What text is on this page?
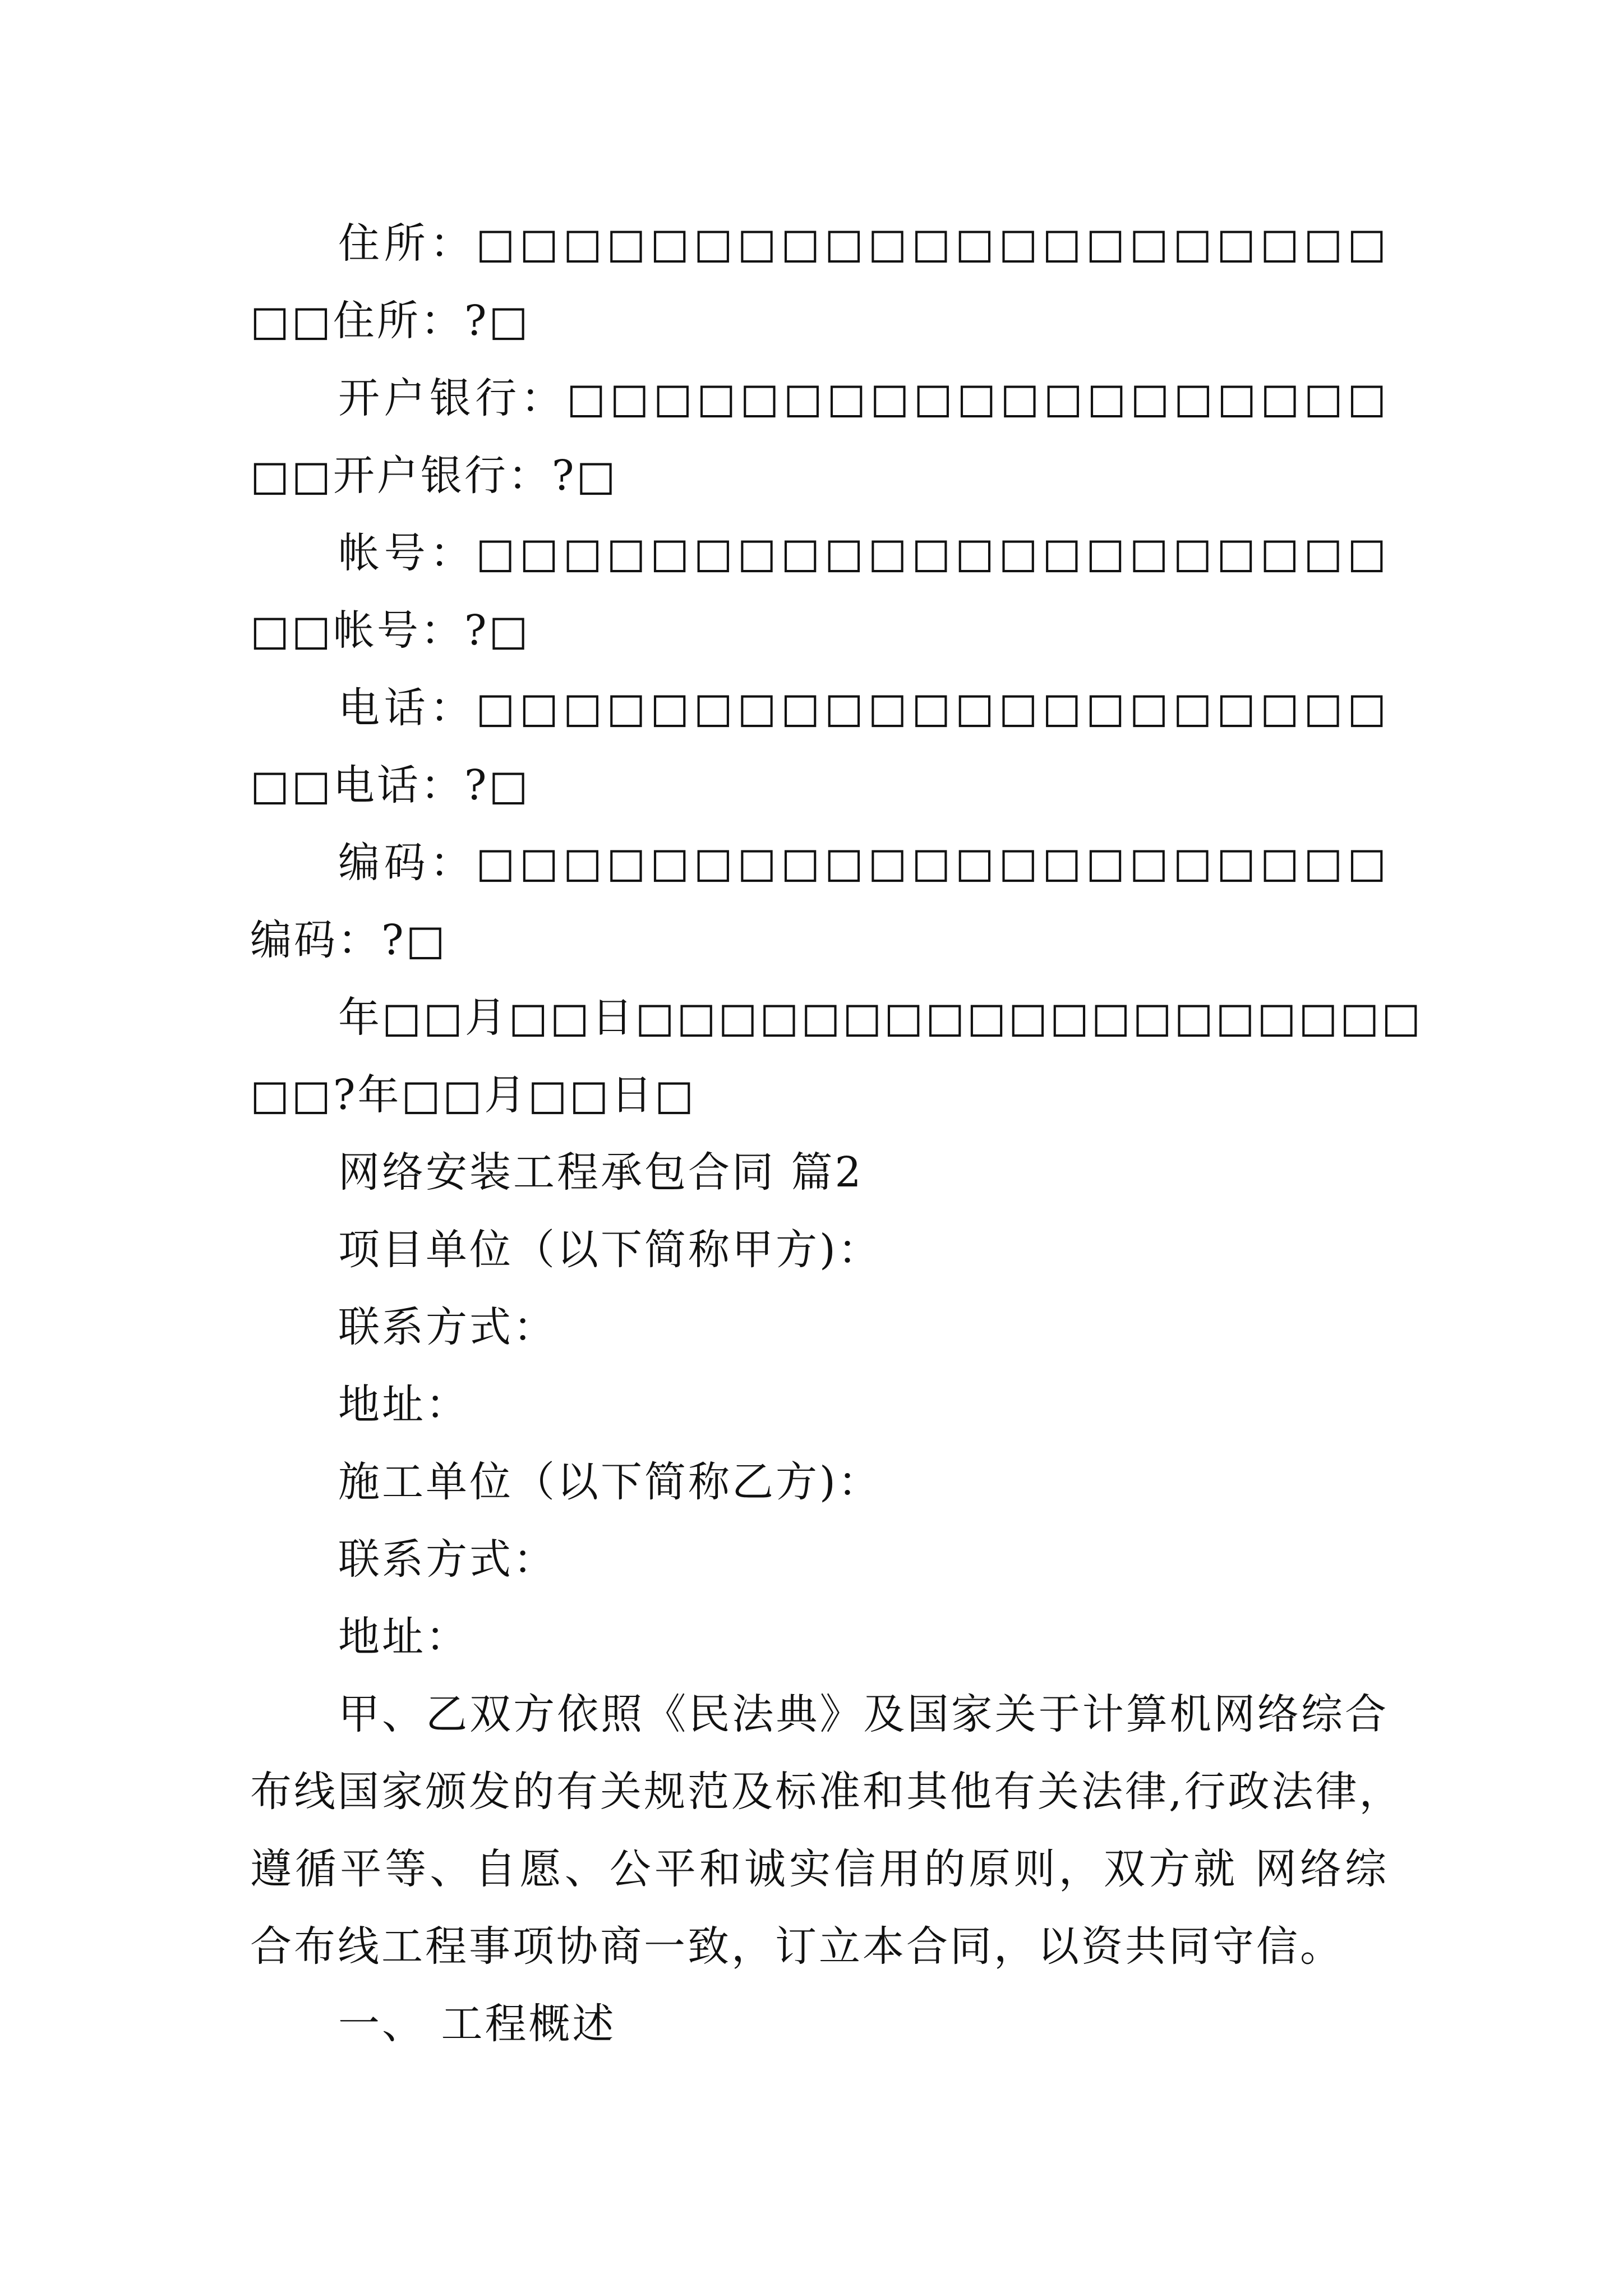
住所：□□□□□□□□□□□□□□□□□□□□□
□□住所：?□
开户银行：□□□□□□□□□□□□□□□□□□□
□□开户银行：?□
帐号：□□□□□□□□□□□□□□□□□□□□□
□□帐号：?□
电话：□□□□□□□□□□□□□□□□□□□□□
□□电话：?□
编码：□□□□□□□□□□□□□□□□□□□□□
编码：?□
年□□月□□日□□□□□□□□□□□□□□□□□□□
□□?年□□月□□日□
网络安装工程承包合同 篇2
项目单位（以下简称甲方)：
联系方式：
地址：
施工单位（以下简称乙方)：
联系方式：
地址：
甲、乙双方依照《民法典》及国家关于计算机网络综合
布线国家颁发的有关规范及标准和其他有关法律,行政法律，
遵循平等、自愿、公平和诚实信用的原则，双方就 网络综
合布线工程事项协商一致，订立本合同，以资共同守信。
一、 工程概述
